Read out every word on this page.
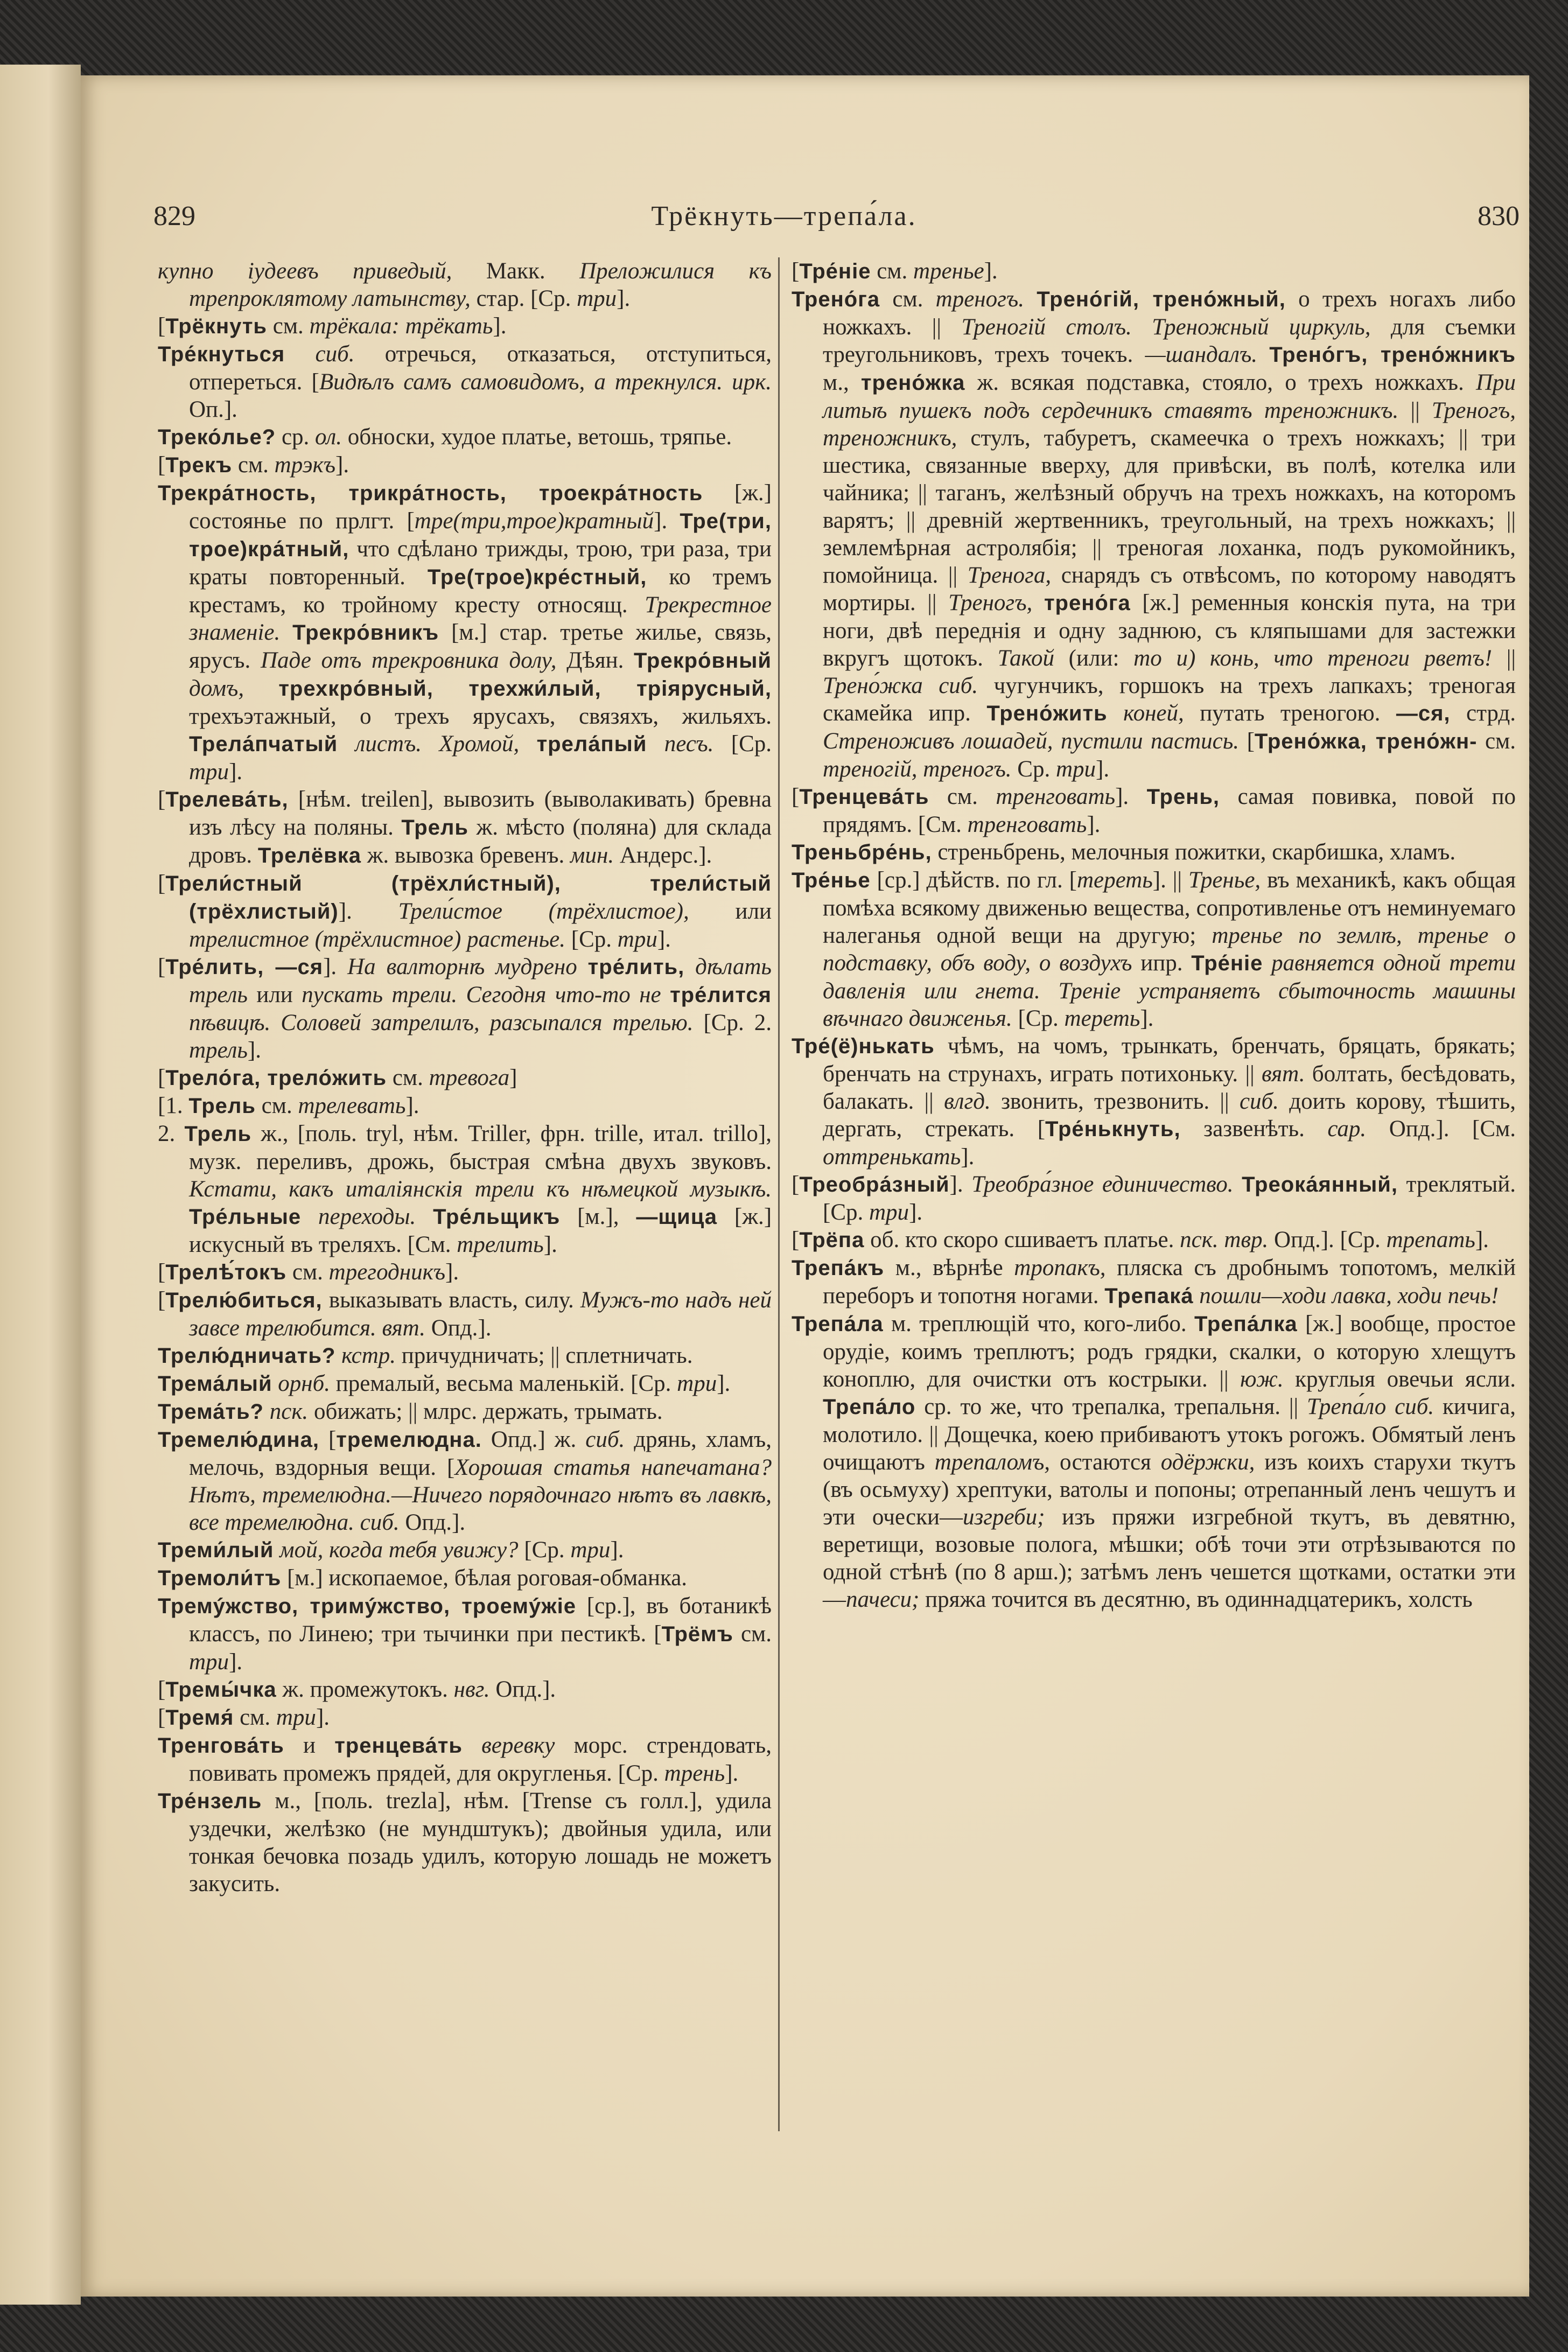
829	Трёкнуть—трепа́ла.	830
купно іудеевъ приведый, Макк. Преложилися къ трепроклятому латынству, стар. [Ср. три].
[Трёкнуть см. трёкала: трёкать].
Тре́кнуться сиб. отречься, отказаться, отступиться, отпереться. [Видѣлъ самъ самовидомъ, а трекнулся. ирк. Оп.].
Треко́лье? ср. ол. обноски, худое платье, ветошь, тряпье.
[Трекъ см. трэкъ].
Трекра́тность, трикра́тность, троекра́тность [ж.] состоянье по прлгт. [тре(три,трое)кратный]. Тре(три, трое)кра́тный, что сдѣлано трижды, трою, три раза, три краты повторенный. Тре(трое)кре́стный, ко тремъ крестамъ, ко тройному кресту относящ. Трекрестное знаменіе. Трекро́вникъ [м.] стар. третье жилье, связь, ярусъ. Паде отъ трекровника долу, Дѣян. Трекро́вный домъ, трехкро́вный, трехжи́лый, тріярусный, трехъэтажный, о трехъ ярусахъ, связяхъ, жильяхъ. Трела́пчатый листъ. Хромой, трела́пый песъ. [Ср. три].
[Трелева́ть, [нѣм. treilen], вывозить (выволакивать) бревна изъ лѣсу на поляны. Трель ж. мѣсто (поляна) для склада дровъ. Трелёвка ж. вывозка бревенъ. мин. Андерс.].
[Трели́стный (трёхли́стный), трели́стый (трёхлистый)]. Трели́стое (трёхлистое), или трелистное (трёхлистное) растенье. [Ср. три].
[Тре́лить, —ся]. На валторнѣ мудрено тре́лить, дѣлать трель или пускать трели. Сегодня что-то не тре́лится пѣвицѣ. Соловей затрелилъ, разсыпался трелью. [Ср. 2. трель].
[Трело́га, трело́жить см. тревога]
[1. Трель см. трелевать].
2. Трель ж., [поль. tryl, нѣм. Triller, фрн. trille, итал. trillo], музк. переливъ, дрожь, быстрая смѣна двухъ звуковъ. Кстати, какъ италіянскія трели къ нѣмецкой музыкѣ. Тре́льные переходы. Тре́льщикъ [м.], —щица [ж.] искусный въ треляхъ. [См. трелить].
[Трелѣ́токъ см. трегодникъ].
[Трелю́биться, выказывать власть, силу. Мужъ-то надъ ней завсе трелюбится. вят. Опд.].
Трелю́дничать? кстр. причудничать; || сплетничать.
Трема́лый орнб. премалый, весьма маленькій. [Ср. три].
Трема́ть? пск. обижать; || млрс. держать, трымать.
Тремелю́дина, [тремелюдна. Опд.] ж. сиб. дрянь, хламъ, мелочь, вздорныя вещи. [Хорошая статья напечатана? Нѣтъ, тремелюдна.—Ничего порядочнаго нѣтъ въ лавкѣ, все тремелюдна. сиб. Опд.].
Треми́лый мой, когда тебя увижу? [Ср. три].
Тремоли́тъ [м.] ископаемое, бѣлая роговая-обманка.
Тремýжство, тримýжство, троемýжіе [ср.], въ ботаникѣ классъ, по Линею; три тычинки при пестикѣ. [Трёмъ см. три].
[Тремы́чка ж. промежутокъ. нвг. Опд.].
[Тремя́ см. три].
Тренгова́ть и тренцева́ть веревку морс. стрендовать, повивать промежъ прядей, для округленья. [Ср. трень].
Тре́нзель м., [поль. trezla], нѣм. [Trense съ голл.], удила уздечки, желѣзко (не мундштукъ); двойныя удила, или тонкая бечовка позадь удилъ, которую лошадь не можетъ закусить.
[Тре́ніе см. тренье].
Трено́га см. треногъ. Трено́гій, трено́жный, о трехъ ногахъ либо ножкахъ. || Треногій столъ. Треножный циркуль, для съемки треугольниковъ, трехъ точекъ. —шандалъ. Трено́гъ, трено́жникъ м., трено́жка ж. всякая подставка, стояло, о трехъ ножкахъ. При литьѣ пушекъ подъ сердечникъ ставятъ треножникъ. || Треногъ, треножникъ, стулъ, табуретъ, скамеечка о трехъ ножкахъ; || три шестика, связанные вверху, для привѣски, въ полѣ, котелка или чайника; || таганъ, желѣзный обручъ на трехъ ножкахъ, на которомъ варятъ; || древній жертвенникъ, треугольный, на трехъ ножкахъ; || землемѣрная астролябія; || треногая лоханка, подъ рукомойникъ, помойница. || Тренога, снарядъ съ отвѣсомъ, по которому наводятъ мортиры. || Треногъ, трено́га [ж.] ременныя конскія пута, на три ноги, двѣ переднія и одну заднюю, съ кляпышами для застежки вкругъ щотокъ. Такой (или: то и) конь, что треноги рветъ! || Трено́жка сиб. чугунчикъ, горшокъ на трехъ лапкахъ; треногая скамейка ипр. Трено́жить коней, путать треногою. —ся, стрд. Стреноживъ лошадей, пустили пастись. [Трено́жка, трено́жн- см. треногій, треногъ. Ср. три].
[Тренцева́ть см. тренговать]. Трень, самая повивка, повой по прядямъ. [См. тренговать].
Треньбре́нь, стреньбрень, мелочныя пожитки, скарбишка, хламъ.
Тре́нье [ср.] дѣйств. по гл. [тереть]. || Тренье, въ механикѣ, какъ общая помѣха всякому движенью вещества, сопротивленье отъ неминуемаго налеганья одной вещи на другую; тренье по землѣ, тренье о подставку, объ воду, о воздухъ ипр. Тре́ніе равняется одной трети давленія или гнета. Треніе устраняетъ сбыточность машины вѣчнаго движенья. [Ср. тереть].
Тре́(ё)нькать чѣмъ, на чомъ, трынкать, бренчать, бряцать, брякать; бренчать на струнахъ, играть потихоньку. || вят. болтать, бесѣдовать, балакать. || влгд. звонить, трезвонить. || сиб. доить корову, тѣшить, дергать, стрекать. [Тре́нькнуть, зазвенѣть. сар. Опд.]. [См. оттренькать].
[Треобра́зный]. Треобра́зное единичество. Треока́янный, треклятый. [Ср. три].
[Трёпа об. кто скоро сшиваетъ платье. пск. твр. Опд.]. [Ср. трепать].
Трепа́къ м., вѣрнѣе тропакъ, пляска съ дробнымъ топотомъ, мелкій переборъ и топотня ногами. Трепака́ пошли—ходи лавка, ходи печь!
Трепа́ла м. треплющій что, кого-либо. Трепа́лка [ж.] вообще, простое орудіе, коимъ треплютъ; родъ грядки, скалки, о которую хлещутъ коноплю, для очистки отъ кострыки. || юж. круглыя овечьи ясли. Трепа́ло ср. то же, что трепалка, трепальня. || Трепа́ло сиб. кичига, молотило. || Дощечка, коею прибиваютъ утокъ рогожъ. Обмятый ленъ очищаютъ трепаломъ, остаются одёржки, изъ коихъ старухи ткутъ (въ осьмуху) хрептуки, ватолы и попоны; отрепанный ленъ чешутъ и эти очески—изгреби; изъ пряжи изгребной ткутъ, въ девятню, веретищи, возовые пологa, мѣшки; обѣ точи эти отрѣзываются по одной стѣнѣ (по 8 арш.); затѣмъ ленъ чешется щотками, остатки эти—пачеси; пряжа точится въ десятню, въ одиннадцатерикъ, холсть
